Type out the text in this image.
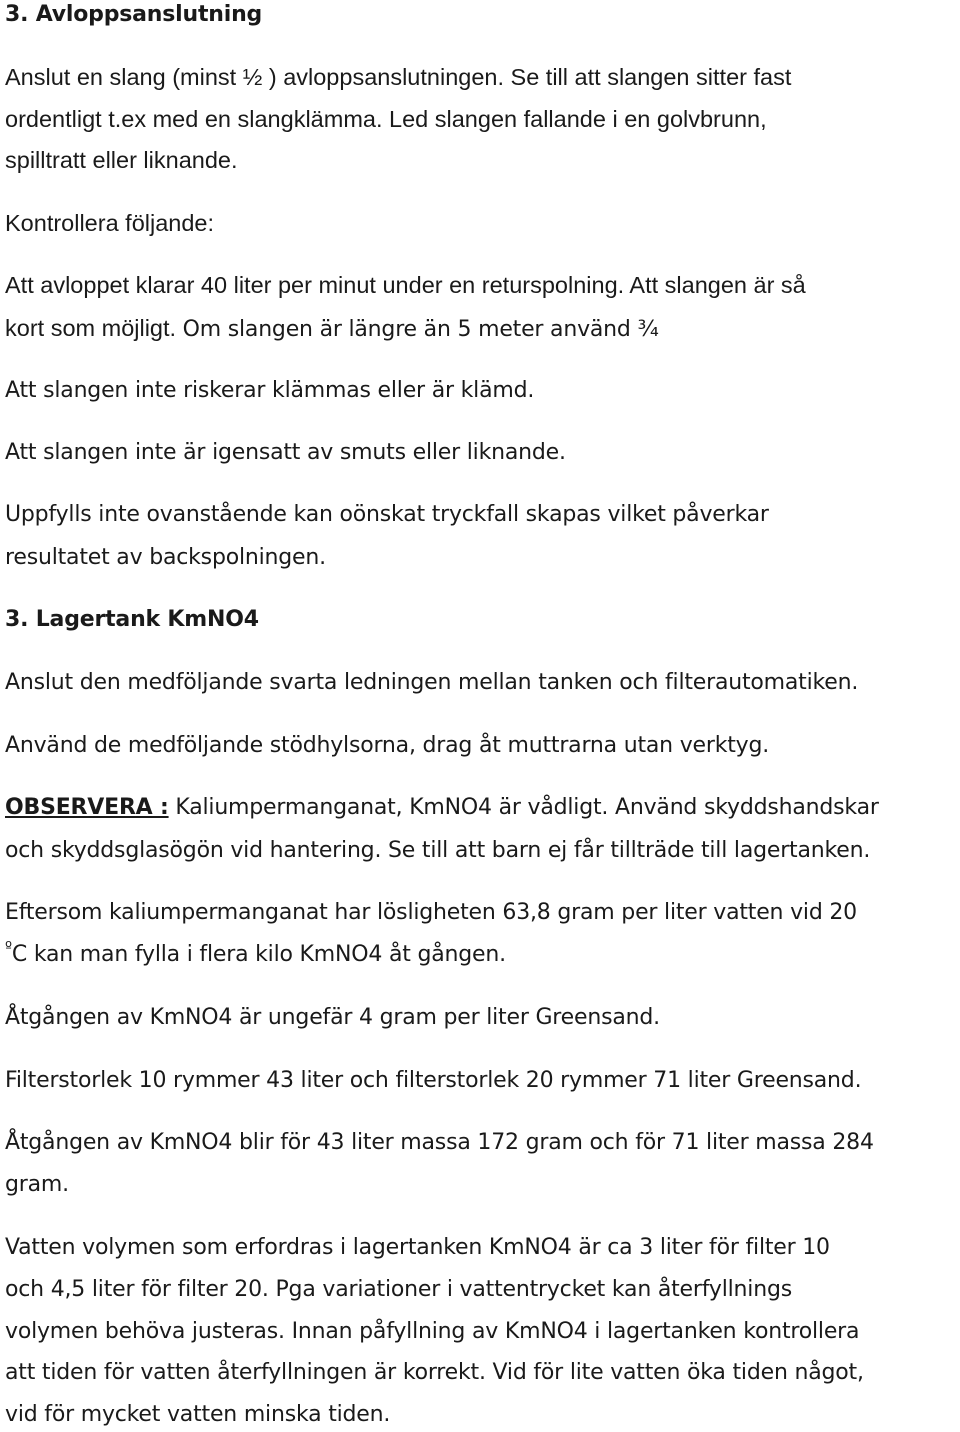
3. Avloppsanslutning
Anslut en slang (minst ½ ) avloppsanslutningen. Se till att slangen sitter fast
ordentligt t.ex med en slangklämma. Led slangen fallande i en golvbrunn,
spilltratt eller liknande.
Kontrollera följande:
Att avloppet klarar 40 liter per minut under en returspolning. Att slangen är så
kort som möjligt. Om slangen är längre än 5 meter använd ¾
Att slangen inte riskerar klämmas eller är klämd.
Att slangen inte är igensatt av smuts eller liknande.
Uppfylls inte ovanstående kan oönskat tryckfall skapas vilket påverkar
resultatet av backspolningen.
3. Lagertank KmNO4
Anslut den medföljande svarta ledningen mellan tanken och filterautomatiken.
Använd de medföljande stödhylsorna, drag åt muttrarna utan verktyg.
OBSERVERA : Kaliumpermanganat, KmNO4 är vådligt. Använd skyddshandskar
och skyddsglasögön vid hantering. Se till att barn ej får tillträde till lagertanken.
Eftersom kaliumpermanganat har lösligheten 63,8 gram per liter vatten vid 20
$^º$C kan man fylla i flera kilo KmNO4 åt gången.
Åtgången av KmNO4 är ungefär 4 gram per liter Greensand.
Filterstorlek 10 rymmer 43 liter och filterstorlek 20 rymmer 71 liter Greensand.
Åtgången av KmNO4 blir för 43 liter massa 172 gram och för 71 liter massa 284
gram.
Vatten volymen som erfordras i lagertanken KmNO4 är ca 3 liter för filter 10
och 4,5 liter för filter 20. Pga variationer i vattentrycket kan återfyllnings
volymen behöva justeras. Innan påfyllning av KmNO4 i lagertanken kontrollera
att tiden för vatten återfyllningen är korrekt. Vid för lite vatten öka tiden något,
vid för mycket vatten minska tiden.
